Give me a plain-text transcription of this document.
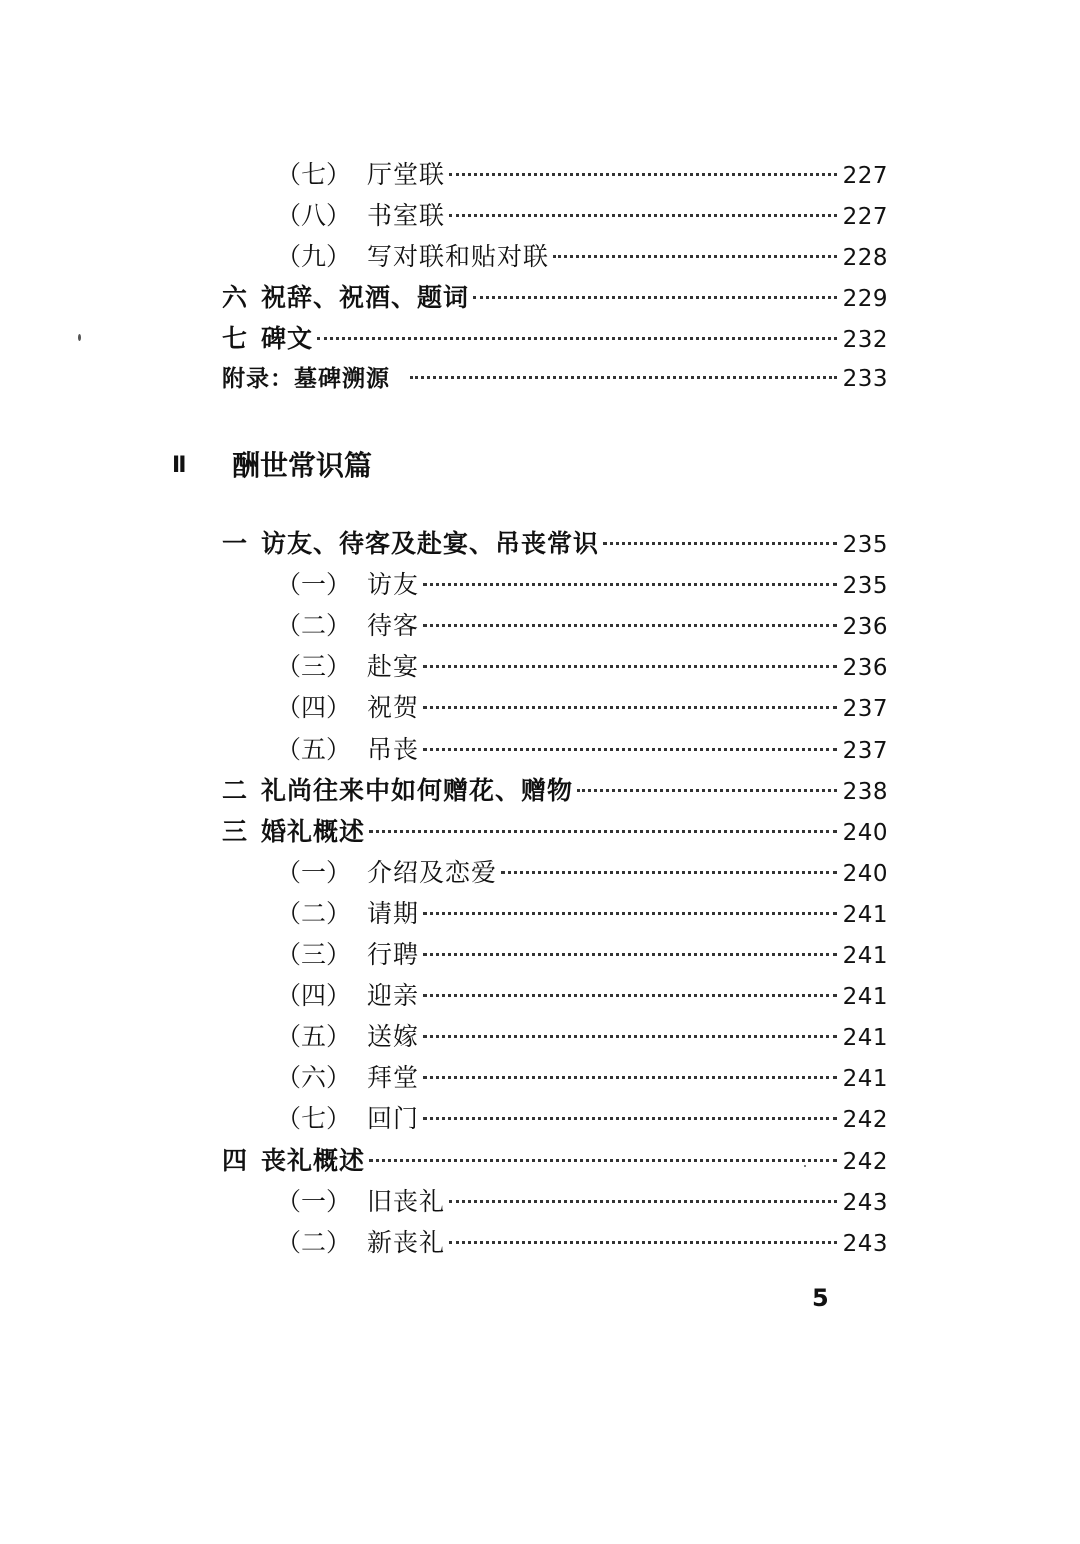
（七） 厅堂联	227
（八） 书室联	227
（九） 写对联和贴对联	228
六 祝辞、祝酒、题词	229
七 碑文	232
附录：墓碑溯源	233
Ⅱ	酬世常识篇
一 访友、待客及赴宴、吊丧常识	235
（一） 访友	235
（二） 待客	236
（三） 赴宴	236
（四） 祝贺	237
（五） 吊丧	237
二 礼尚往来中如何赠花、赠物	238
三 婚礼概述	240
（一） 介绍及恋爱	240
（二） 请期	241
（三） 行聘	241
（四） 迎亲	241
（五） 送嫁	241
（六） 拜堂	241
（七） 回门	242
四 丧礼概述	242
（一） 旧丧礼	243
（二） 新丧礼	243
5
